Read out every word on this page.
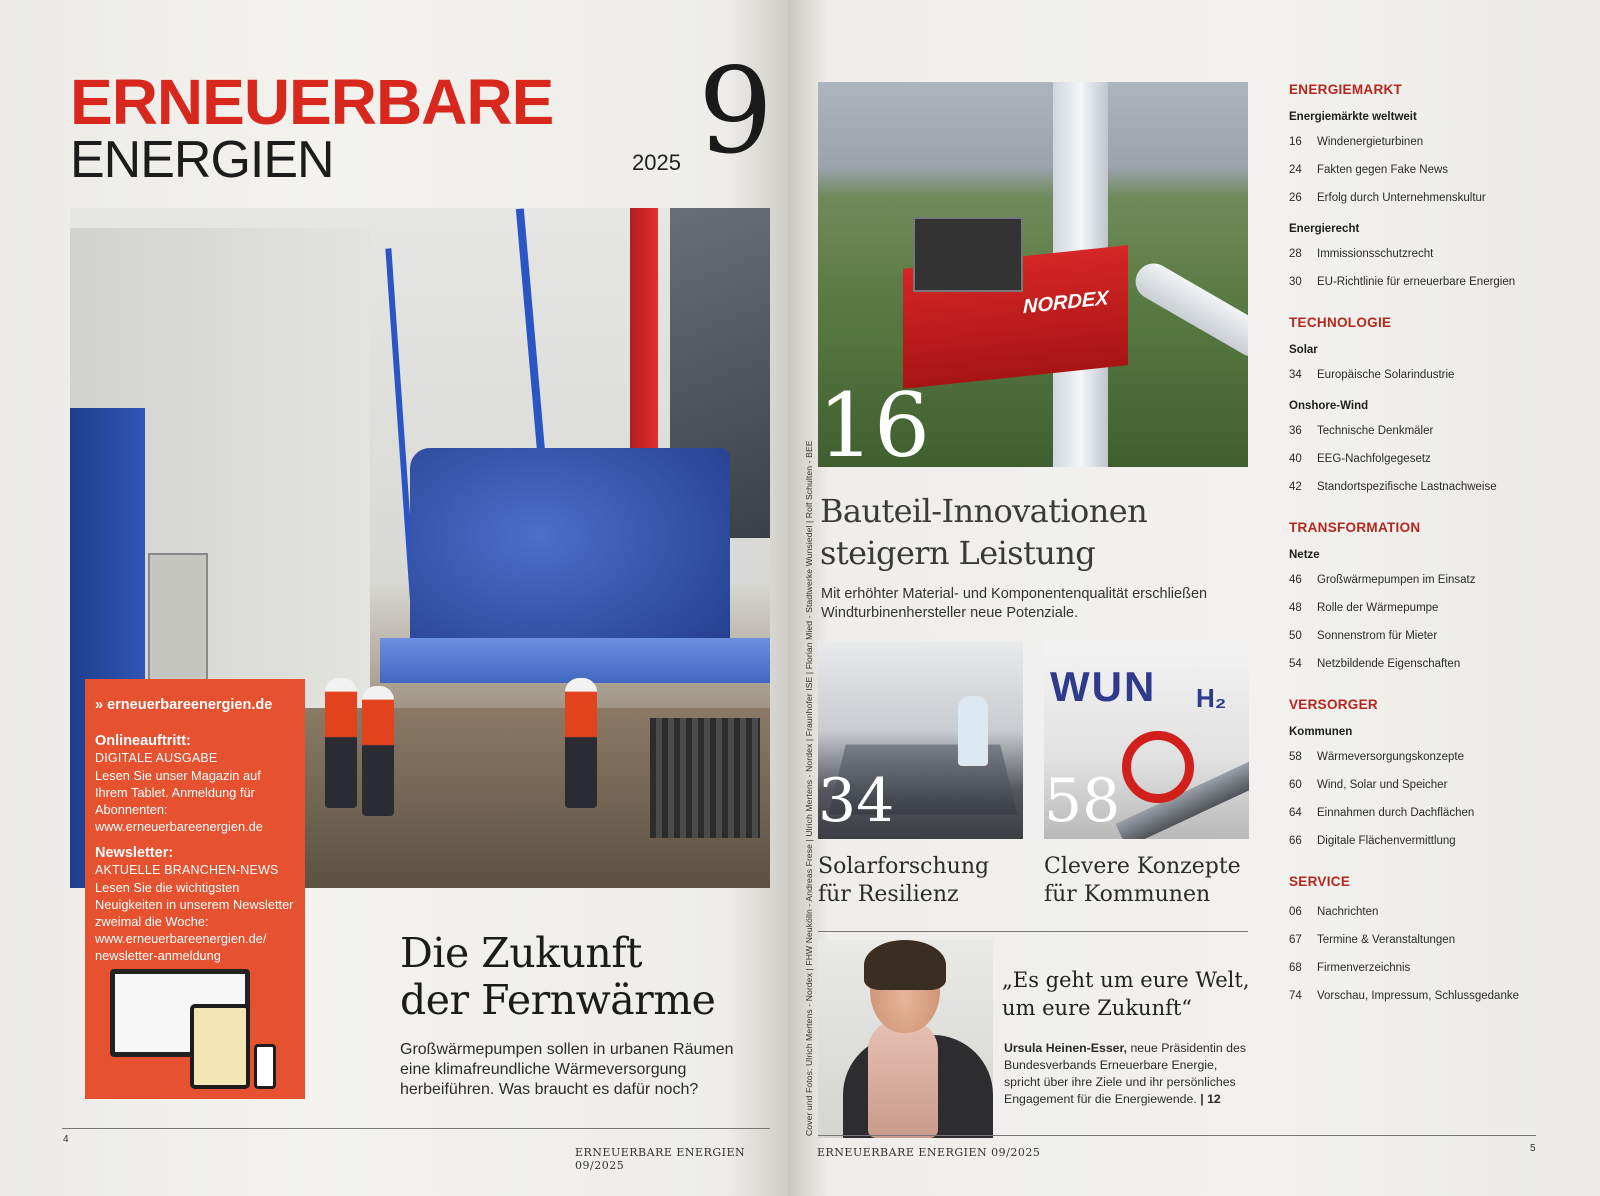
ERNEUERBARE
ENERGIEN	2025 9
» erneuerbareenergien.de
Onlineauftritt:
DIGITALE AUSGABE
Lesen Sie unser Magazin auf Ihrem Tablet. Anmeldung für Abonnenten: www.erneuerbareenergien.de
Newsletter:
AKTUELLE BRANCHEN-NEWS
Lesen Sie die wichtigsten Neuigkeiten in unserem Newsletter zweimal die Woche: www.erneuerbareenergien.de/ newsletter-anmeldung	Die Zukunft
der Fernwärme
Großwärmepumpen sollen in urbanen Räumen eine klimafreundliche Wärmeversorgung herbeiführen. Was braucht es dafür noch?
4
ERNEUERBARE ENERGIEN 09/2025
NORDEX
16
Bauteil-Innovationen
steigern Leistung
Mit erhöhter Material- und Komponentenqualität erschließen Windturbinenhersteller neue Potenziale.
34
Solarforschung
für Resilienz
WUN H₂
58
Clevere Konzepte
für Kommunen
„Es geht um eure Welt,
um eure Zukunft“
Ursula Heinen-Esser, neue Präsidentin des Bundesverbands Erneuerbare Energie, spricht über ihre Ziele und ihr persönliches Engagement für die Energiewende. | 12
Cover und Fotos: Ulrich Mertens - Nordex | FHW Neukölln - Andreas Frese | Ulrich Mertens - Nordex | Fraunhofer ISE | Florian Mied - Stadtwerke Wunsiedel | Rolf Schulten - BEE
ENERGIEMARKT
Energiemärkte weltweit
16 Windenergieturbinen
24 Fakten gegen Fake News
26 Erfolg durch Unternehmenskultur
Energierecht
28 Immissionsschutzrecht
30 EU-Richtlinie für erneuerbare Energien
TECHNOLOGIE
Solar
34 Europäische Solarindustrie
Onshore-Wind
36 Technische Denkmäler
40 EEG-Nachfolgegesetz
42 Standortspezifische Lastnachweise
TRANSFORMATION
Netze
46 Großwärmepumpen im Einsatz
48 Rolle der Wärmepumpe
50 Sonnenstrom für Mieter
54 Netzbildende Eigenschaften
VERSORGER
Kommunen
58 Wärmeversorgungskonzepte
60 Wind, Solar und Speicher
64 Einnahmen durch Dachflächen
66 Digitale Flächenvermittlung
SERVICE
06 Nachrichten
67 Termine & Veranstaltungen
68 Firmenverzeichnis
74 Vorschau, Impressum, Schlussgedanke
ERNEUERBARE ENERGIEN 09/2025	5
